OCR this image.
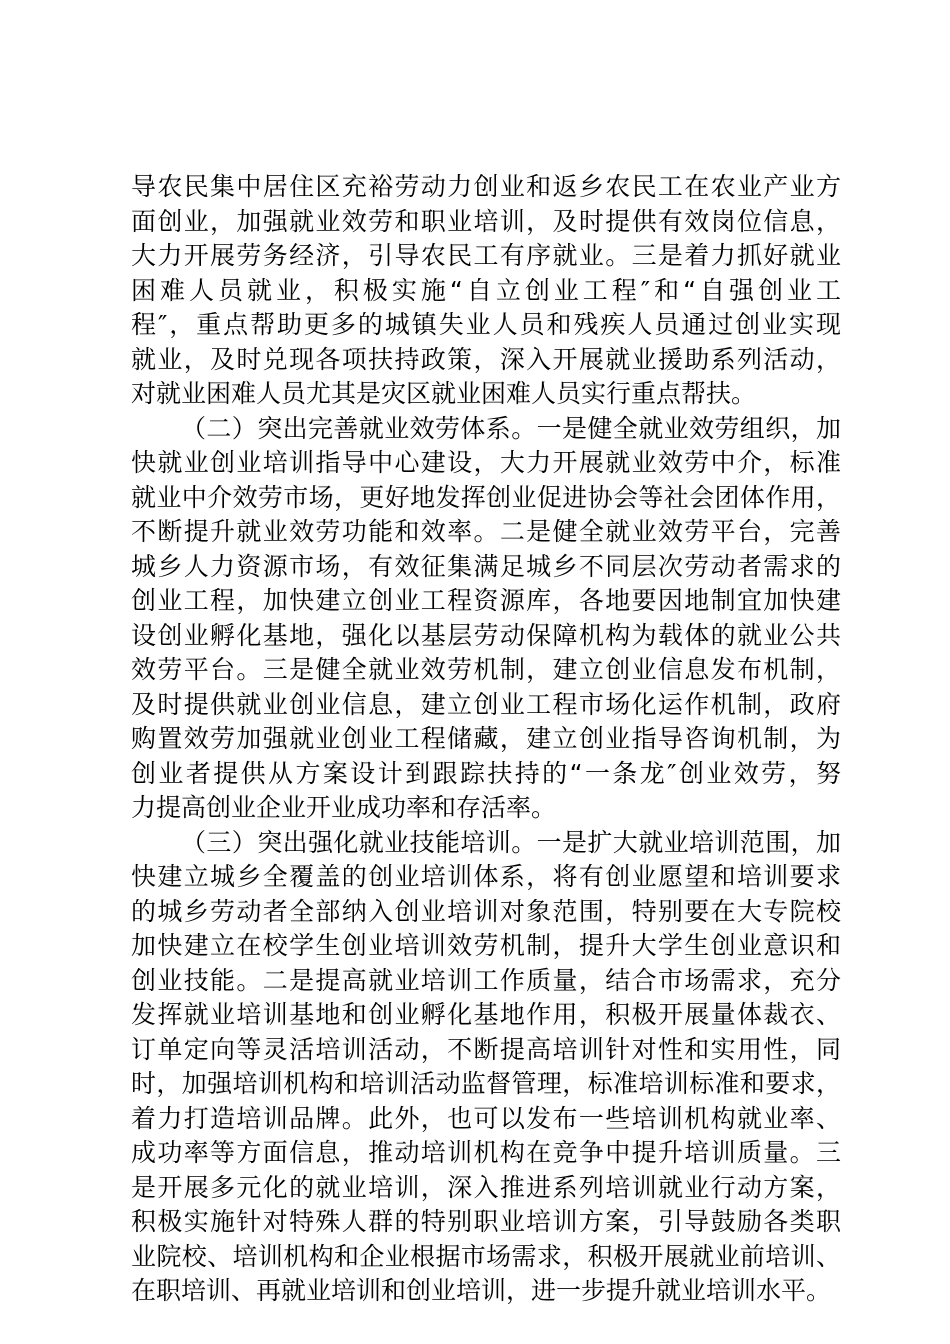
导农民集中居住区充裕劳动力创业和返乡农民工在农业产业方
面创业，加强就业效劳和职业培训，及时提供有效岗位信息，
大力开展劳务经济，引导农民工有序就业。三是着力抓好就业
困难人员就业，积极实施“自立创业工程″和“自强创业工
程″，重点帮助更多的城镇失业人员和残疾人员通过创业实现
就业，及时兑现各项扶持政策，深入开展就业援助系列活动，
对就业困难人员尤其是灾区就业困难人员实行重点帮扶。
（二）突出完善就业效劳体系。一是健全就业效劳组织，加
快就业创业培训指导中心建设，大力开展就业效劳中介，标准
就业中介效劳市场，更好地发挥创业促进协会等社会团体作用，
不断提升就业效劳功能和效率。二是健全就业效劳平台，完善
城乡人力资源市场，有效征集满足城乡不同层次劳动者需求的
创业工程，加快建立创业工程资源库，各地要因地制宜加快建
设创业孵化基地，强化以基层劳动保障机构为载体的就业公共
效劳平台。三是健全就业效劳机制，建立创业信息发布机制，
及时提供就业创业信息，建立创业工程市场化运作机制，政府
购置效劳加强就业创业工程储藏，建立创业指导咨询机制，为
创业者提供从方案设计到跟踪扶持的“一条龙″创业效劳，努
力提高创业企业开业成功率和存活率。
（三）突出强化就业技能培训。一是扩大就业培训范围，加
快建立城乡全覆盖的创业培训体系，将有创业愿望和培训要求
的城乡劳动者全部纳入创业培训对象范围，特别要在大专院校
加快建立在校学生创业培训效劳机制，提升大学生创业意识和
创业技能。二是提高就业培训工作质量，结合市场需求，充分
发挥就业培训基地和创业孵化基地作用，积极开展量体裁衣、
订单定向等灵活培训活动，不断提高培训针对性和实用性，同
时，加强培训机构和培训活动监督管理，标准培训标准和要求，
着力打造培训品牌。此外，也可以发布一些培训机构就业率、
成功率等方面信息，推动培训机构在竞争中提升培训质量。三
是开展多元化的就业培训，深入推进系列培训就业行动方案，
积极实施针对特殊人群的特别职业培训方案，引导鼓励各类职
业院校、培训机构和企业根据市场需求，积极开展就业前培训、
在职培训、再就业培训和创业培训，进一步提升就业培训水平。
